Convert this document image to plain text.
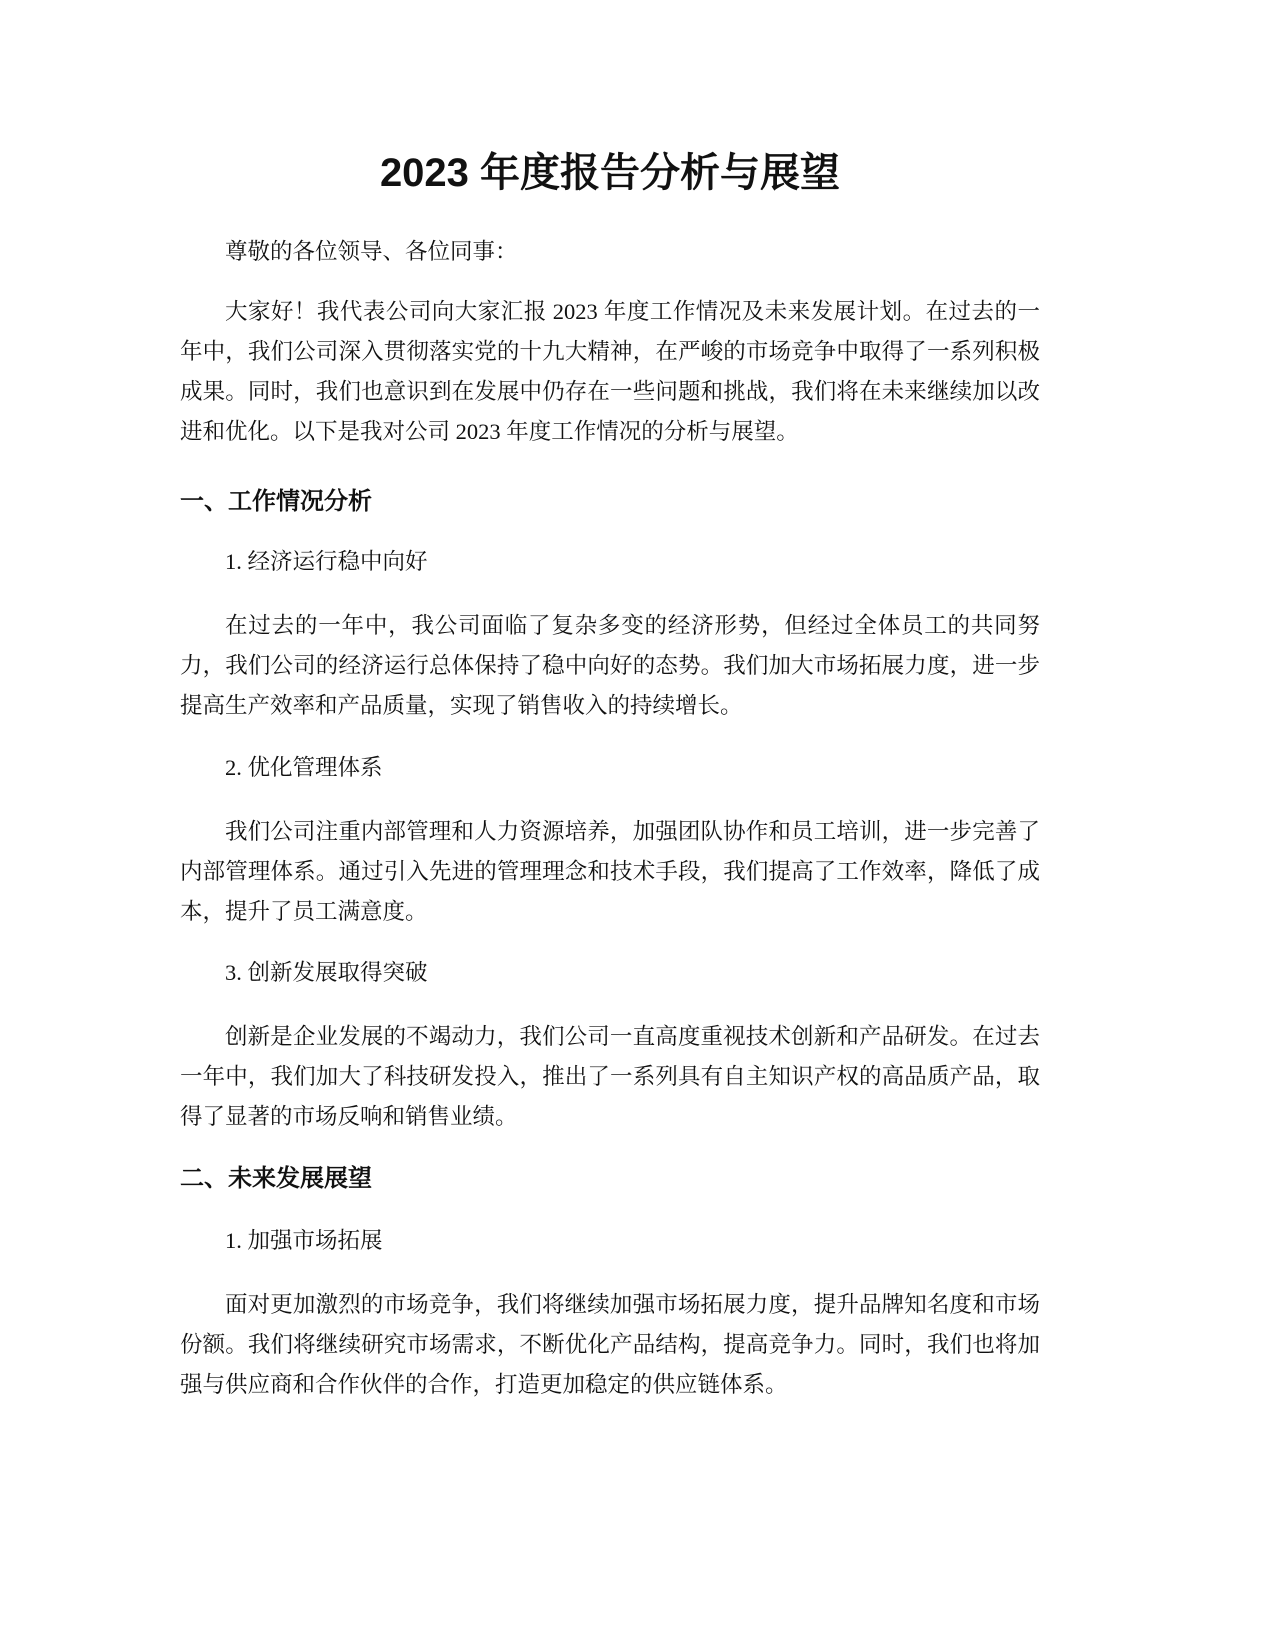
2023 年度报告分析与展望

尊敬的各位领导、各位同事：

大家好！我代表公司向大家汇报 2023 年度工作情况及未来发展计划。在过去的一年中，我们公司深入贯彻落实党的十九大精神，在严峻的市场竞争中取得了一系列积极成果。同时，我们也意识到在发展中仍存在一些问题和挑战，我们将在未来继续加以改进和优化。以下是我对公司 2023 年度工作情况的分析与展望。

一、工作情况分析

1. 经济运行稳中向好

在过去的一年中，我公司面临了复杂多变的经济形势，但经过全体员工的共同努力，我们公司的经济运行总体保持了稳中向好的态势。我们加大市场拓展力度，进一步提高生产效率和产品质量，实现了销售收入的持续增长。

2. 优化管理体系

我们公司注重内部管理和人力资源培养，加强团队协作和员工培训，进一步完善了内部管理体系。通过引入先进的管理理念和技术手段，我们提高了工作效率，降低了成本，提升了员工满意度。

3. 创新发展取得突破

创新是企业发展的不竭动力，我们公司一直高度重视技术创新和产品研发。在过去一年中，我们加大了科技研发投入，推出了一系列具有自主知识产权的高品质产品，取得了显著的市场反响和销售业绩。

二、未来发展展望

1. 加强市场拓展

面对更加激烈的市场竞争，我们将继续加强市场拓展力度，提升品牌知名度和市场份额。我们将继续研究市场需求，不断优化产品结构，提高竞争力。同时，我们也将加强与供应商和合作伙伴的合作，打造更加稳定的供应链体系。
